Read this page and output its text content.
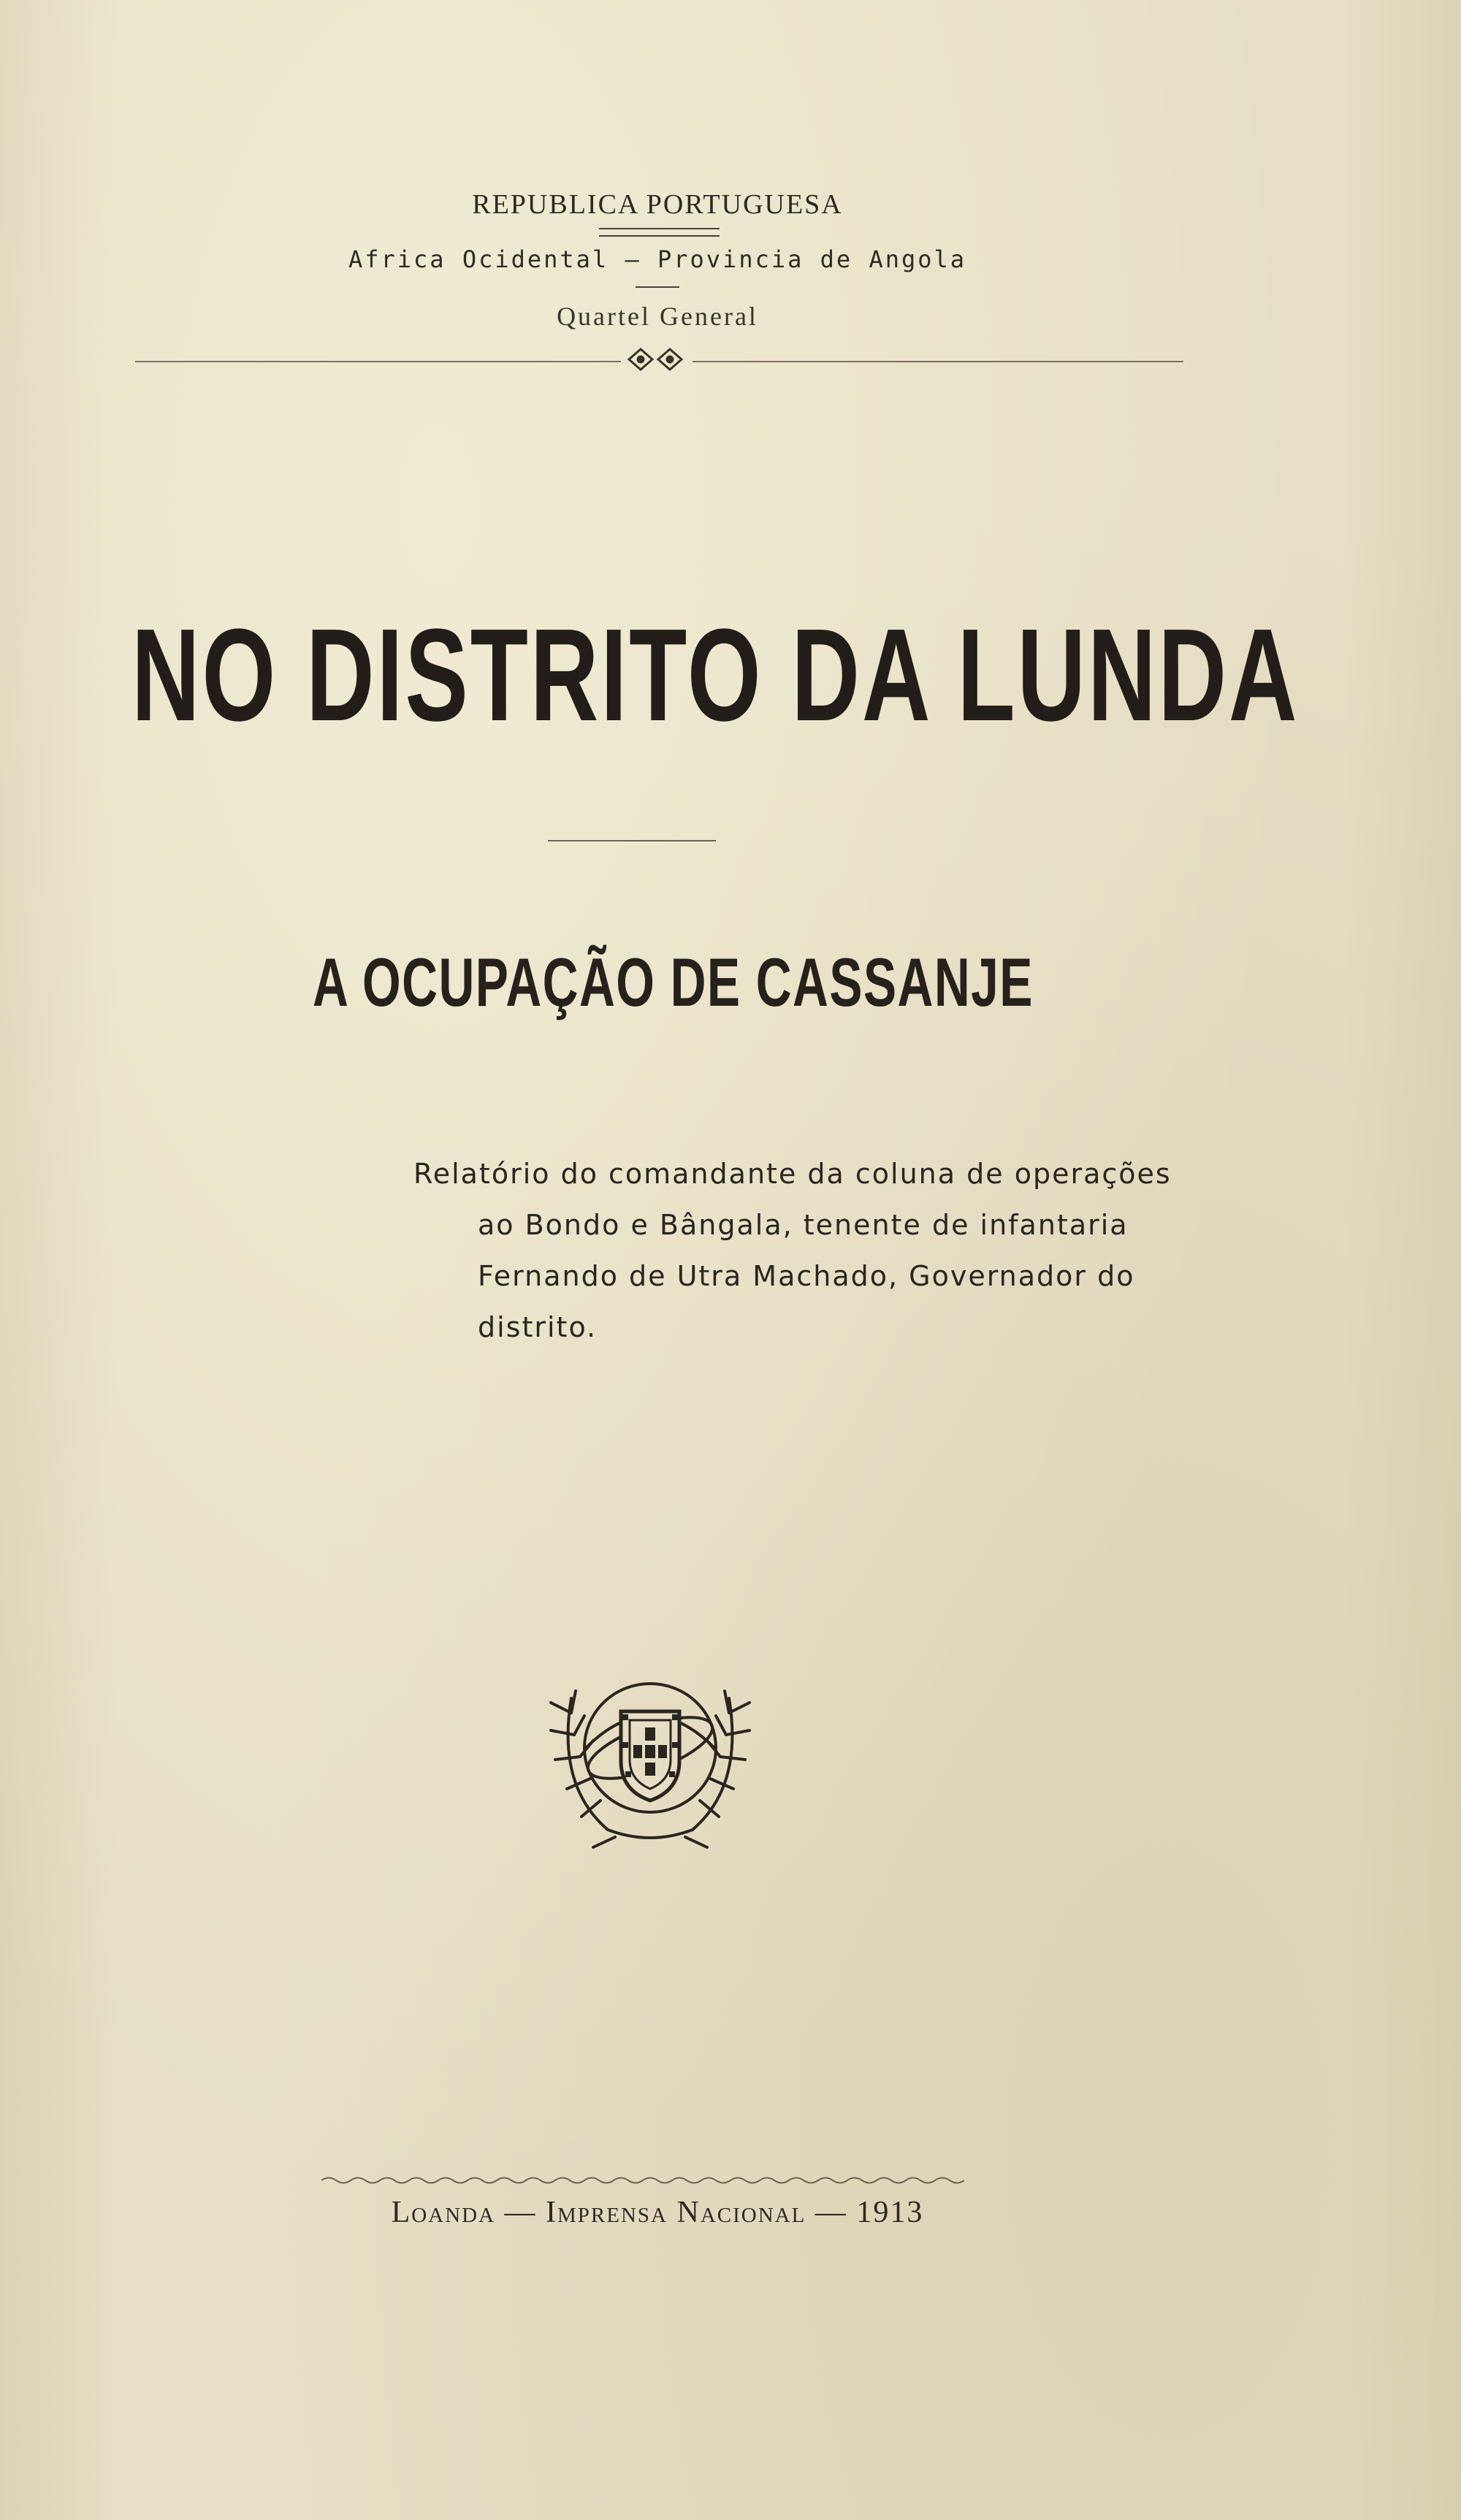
REPUBLICA PORTUGUESA
Africa Ocidental — Provincia de Angola
Quartel General
NO DISTRITO DA LUNDA
A OCUPAÇÃO DE CASSANJE
Relatório do comandante da coluna de operações
ao Bondo e Bângala, tenente de infantaria
Fernando de Utra Machado, Governador do
distrito.
Loanda — Imprensa Nacional — 1913
